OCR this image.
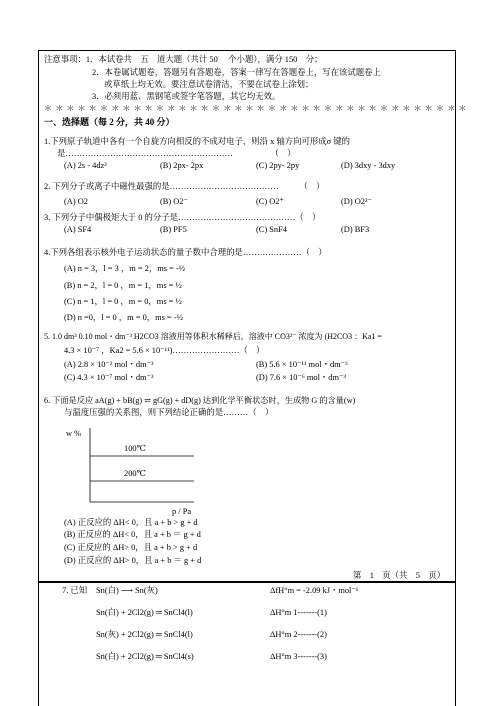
注意事项：1．本试卷共　五　道大题（共计 50　 个小题），满分 150　分；
2．本卷属试题卷，答题另有答题卷，答案一律写在答题卷上，写在该试题卷上
或草纸上均无效。要注意试卷清洁，不要在试卷上涂划；
3．必须用蓝、黑钢笔或签字笔答题，其它均无效。
＊＊＊＊＊＊＊＊＊＊＊＊＊＊＊＊＊＊＊＊＊＊＊＊＊＊＊＊＊＊＊＊＊＊＊＊＊＊
一、选择题（每 2 分，共 40 分）
1.下列原子轨道中各有一个自旋方向相反的不成对电子，则沿 x 轴方向可形成σ 键的
是……………………………………………………　　　　　（　）
(A) 2s - 4dz²	(B) 2px- 2px	(C) 2py- 2py	(D) 3dxy - 3dxy
2. 下列分子或离子中磁性最强的是…………………………………　　　（　）
(A) O2	(B) O2⁻	(C) O2⁺	(D) O2²⁻
3. 下列分子中偶极矩大于 0 的分子是……………………………………（　）
(A) SF4	(B) PF5	(C) SnF4	(D) BF3
4.下列各组表示核外电子运动状态的量子数中合理的是…………………（　）
(A) n = 3，l = 3 ，m = 2，ms = -½
(B) n = 2，l = 0 ，m = 1，ms = ½
(C) n = 1，l = 0 ，m = 0，ms = ½
(D) n =0，l = 0 ，m = 0，ms = -½
5. 1.0 dm³ 0.10 mol・dm⁻³ H2CO3 溶液用等体积水稀释后，溶液中 CO3²⁻ 浓度为 (H2CO3 ：Ka1 =
4.3 × 10⁻⁷ ，Ka2 = 5.6 × 10⁻¹¹)……………………（　）
(A) 2.8 × 10⁻² mol・dm⁻³	(B) 5.6 × 10⁻¹¹ mol・dm⁻³
(C) 4.3 × 10⁻⁷ mol・dm⁻³	(D) 7.6 × 10⁻⁶ mol・dm⁻³
6. 下面是反应 aA(g) + bB(g) ⇌ gG(g) + dD(g) 达到化学平衡状态时，生成物 G 的含量(w)
与温度压强的关系图，则下列结论正确的是………（　）
w %
100℃
200℃
p / Pa
(A) 正反应的 ΔH< 0，且 a + b > g + d
(B) 正反应的 ΔH< 0，且 a + b ＝ g + d
(C) 正反应的 ΔH> 0，且 a + b > g + d
(D) 正反应的 ΔH> 0，且 a + b ＝ g + d
第　1　页（共　5　页）
7. 已知 Sn(白) ⟶ Sn(灰)	ΔfH°m = -2.09 kJ・mol⁻¹
Sn(白) + 2Cl2(g) ═ SnCl4(l)	ΔH°m 1-------(1)
Sn(灰) + 2Cl2(g) ═ SnCl4(l)	ΔH°m 2-------(2)
Sn(白) + 2Cl2(g) ═ SnCl4(s)	ΔH°m 3-------(3)
